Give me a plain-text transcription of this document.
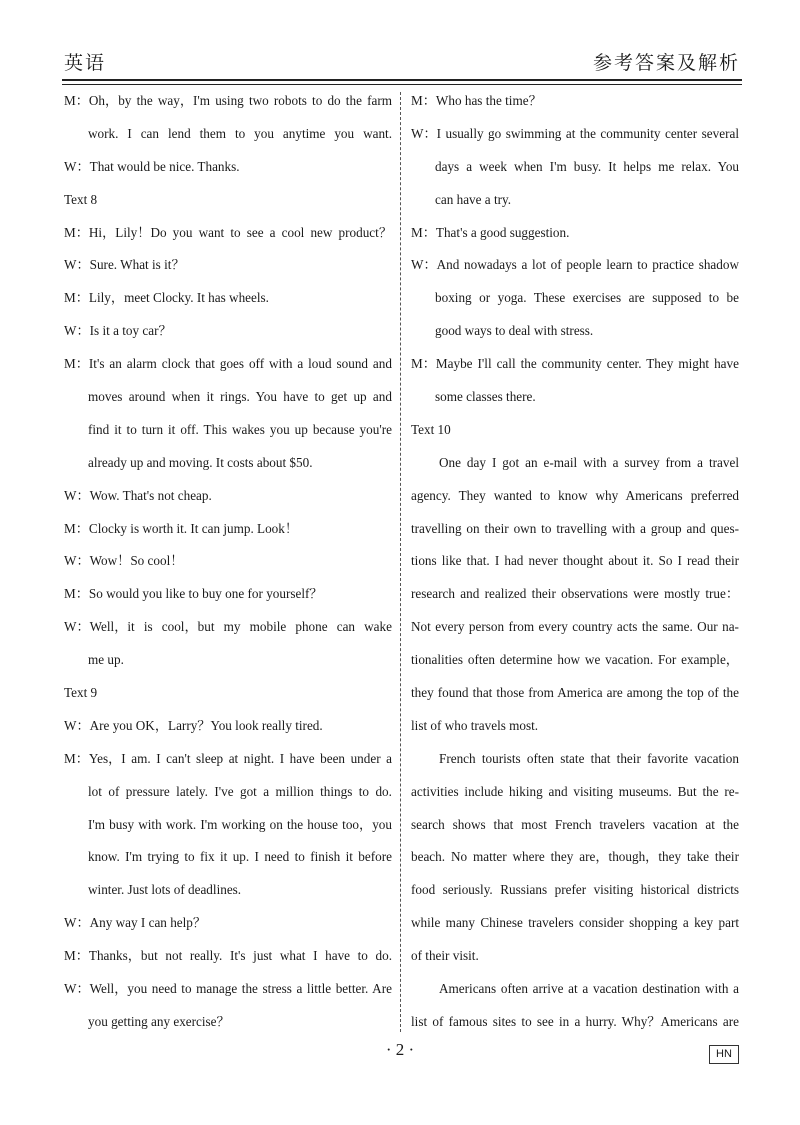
英语	参考答案及解析
M：Oh，by the way，I'm using two robots to do the farm
work. I can lend them to you anytime you want.
W：That would be nice. Thanks.
Text 8
M：Hi，Lily！Do you want to see a cool new product？
W：Sure. What is it？
M：Lily，meet Clocky. It has wheels.
W：Is it a toy car？
M：It's an alarm clock that goes off with a loud sound and
moves around when it rings. You have to get up and
find it to turn it off. This wakes you up because you're
already up and moving. It costs about $50.
W：Wow. That's not cheap.
M：Clocky is worth it. It can jump. Look！
W：Wow！So cool！
M：So would you like to buy one for yourself？
W：Well，it is cool，but my mobile phone can wake
me up.
Text 9
W：Are you OK，Larry？You look really tired.
M：Yes，I am. I can't sleep at night. I have been under a
lot of pressure lately. I've got a million things to do.
I'm busy with work. I'm working on the house too，you
know. I'm trying to fix it up. I need to finish it before
winter. Just lots of deadlines.
W：Any way I can help？
M：Thanks，but not really. It's just what I have to do.
W：Well，you need to manage the stress a little better. Are
you getting any exercise？
M：Who has the time？
W：I usually go swimming at the community center several
days a week when I'm busy. It helps me relax. You
can have a try.
M：That's a good suggestion.
W：And nowadays a lot of people learn to practice shadow
boxing or yoga. These exercises are supposed to be
good ways to deal with stress.
M：Maybe I'll call the community center. They might have
some classes there.
Text 10
One day I got an e-mail with a survey from a travel
agency. They wanted to know why Americans preferred
travelling on their own to travelling with a group and ques-
tions like that. I had never thought about it. So I read their
research and realized their observations were mostly true：
Not every person from every country acts the same. Our na-
tionalities often determine how we vacation. For example，
they found that those from America are among the top of the
list of who travels most.
French tourists often state that their favorite vacation
activities include hiking and visiting museums. But the re-
search shows that most French travelers vacation at the
beach. No matter where they are，though，they take their
food seriously. Russians prefer visiting historical districts
while many Chinese travelers consider shopping a key part
of their visit.
Americans often arrive at a vacation destination with a
list of famous sites to see in a hurry. Why？Americans are
· 2 ·	HN
